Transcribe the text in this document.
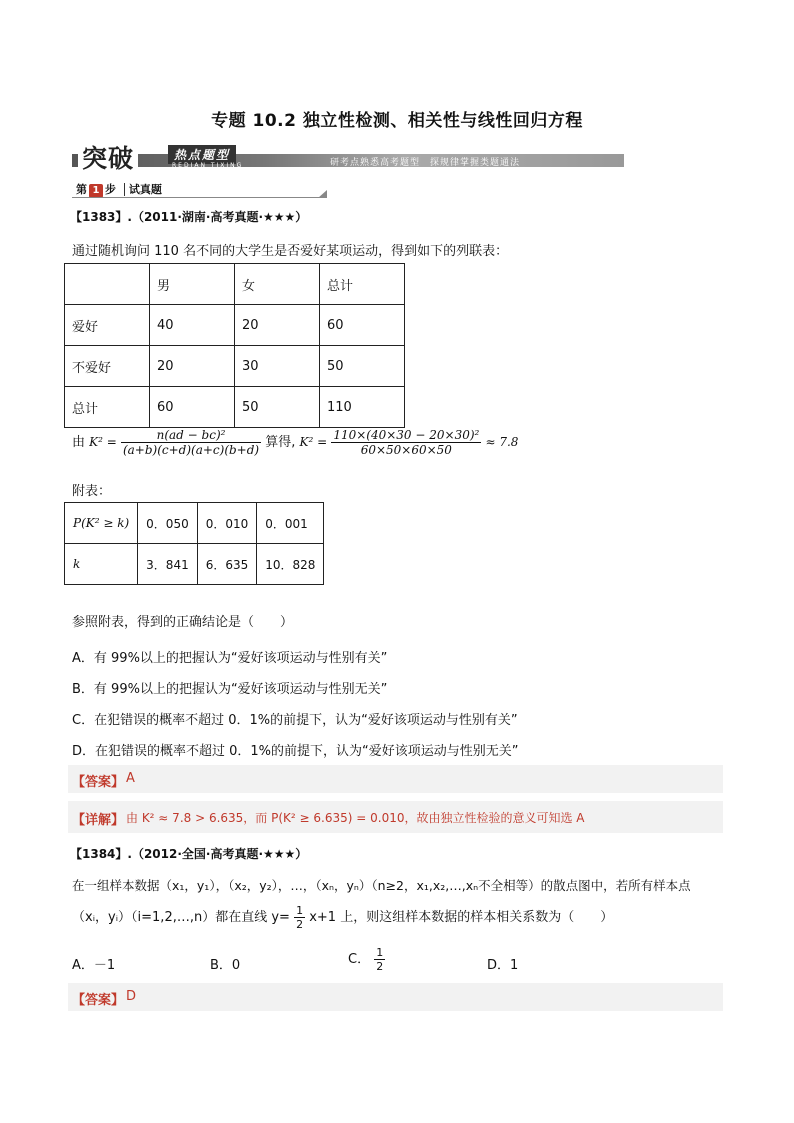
专题 10.2 独立性检测、相关性与线性回归方程
研考点熟悉高考题型　探规律掌握类题通法
热点题型
REDIAN TIXING
突破
第 1 步 试真题
【1383】.（2011·湖南·高考真题·★★★）
通过随机询问 110 名不同的大学生是否爱好某项运动，得到如下的列联表：
	男	女	总计
爱好	40	20	60
不爱好	20	30	50
总计	60	50	110
由 $K^2 = \frac{\text{n(ad − bc)²}}{(a+b)(c+d)(a+c)(b+d)}$ 算得, $K^2 = \frac{\text{110×(40×30 − 20×30)²}}{60\times 50\times 60\times 50} \approx 7.8$
附表：
P(K² ≥ k)	0．050	0．010	0．001
k	3．841	6．635	10．828
参照附表，得到的正确结论是（　　）
A．有 99%以上的把握认为“爱好该项运动与性别有关”
B．有 99%以上的把握认为“爱好该项运动与性别无关”
C．在犯错误的概率不超过 0．1%的前提下，认为“爱好该项运动与性别有关”
D．在犯错误的概率不超过 0．1%的前提下，认为“爱好该项运动与性别无关”
【答案】 A
【详解】 由 K² ≈ 7.8 > 6.635，而 P(K² ≥ 6.635) = 0.010，故由独立性检验的意义可知选 A
【1384】.（2012·全国·高考真题·★★★）
在一组样本数据（x₁，y₁），（x₂，y₂），…，（xₙ，yₙ）（n≥2，x₁,x₂,…,xₙ不全相等）的散点图中，若所有样本点
（xᵢ，yᵢ）（i=1,2,…,n）都在直线 $y= \frac{1}{2} x+1$ 上，则这组样本数据的样本相关系数为（　　）
A．－1	B．0	C． $\frac{1}{2}$	D．1
【答案】 D
